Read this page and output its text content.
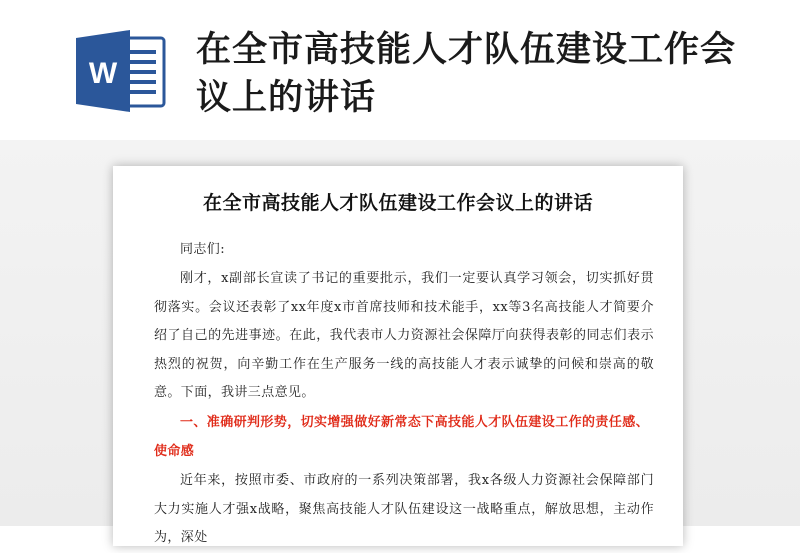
W
在全市高技能人才队伍建设工作会议上的讲话
在全市高技能人才队伍建设工作会议上的讲话
同志们:
刚才，x副部长宣读了书记的重要批示，我们一定要认真学习领会，切实抓好贯彻落实。会议还表彰了xx年度x市首席技师和技术能手，xx等3名高技能人才简要介绍了自己的先进事迹。在此，我代表市人力资源社会保障厅向获得表彰的同志们表示热烈的祝贺，向辛勤工作在生产服务一线的高技能人才表示诚挚的问候和崇高的敬意。下面，我讲三点意见。
一、准确研判形势，切实增强做好新常态下高技能人才队伍建设工作的责任感、使命感
近年来，按照市委、市政府的一系列决策部署，我x各级人力资源社会保障部门大力实施人才强x战略，聚焦高技能人才队伍建设这一战略重点，解放思想，主动作为，深处
